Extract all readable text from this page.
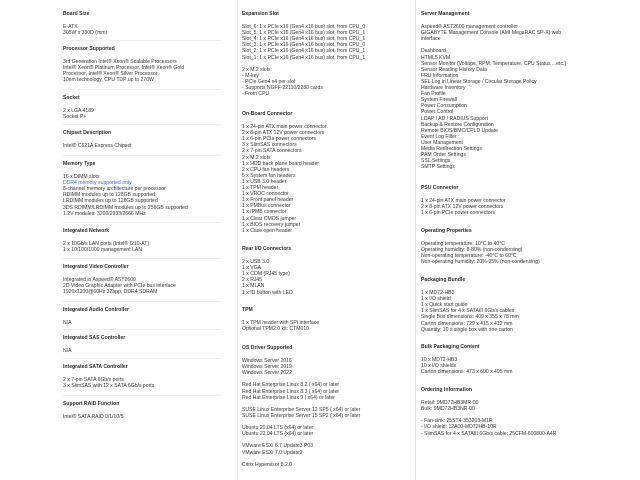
Board Size
E-ATX
305W x 330D (mm)
Processor Supported
3rd Generation Intel® Xeon® Scalable Processors
Intel® Xeon® Platinum Processor, Intel® Xeon® Gold
Processor, Intel® Xeon® Silver Processor
10nm technology, CPU TDP up to 270W
Socket
2 x LGA 4189
Socket P+
Chipset Description
Intel® C621A Express Chipset
Memory Type
16 x DIMM slots
DDR4 memory supported only
8-channel memory architecture per processor
RDIMM modules up to 128GB supported
LRDIMM modules up to 128GB supported
3DS RDIMM/LRDIMM modules up to 256GB supported
1.2V modules: 3200/2933/2666 MHz
Integrated Network
2 x 10Gb/s LAN ports (Intel® I210-AT)
1 x 10/100/1000 management LAN
Integrated Video Controller
Integrated in Aspeed® AST2600
2D Video Graphic Adapter with PCIe bus interface
1920x1200@60Hz 32bpp, DDR4 SDRAM
Integrated Audio Controller
N/A
Integrated SAS Controller
N/A
Integrated SATA Controller
2 x 7-pin SATA 6Gb/s ports
3 x SlimSAS with 12 x SATA 6Gb/s ports
Support RAID Function
Intel® SATA RAID 0/1/10/5
Expansion Slot
Slot_6: 1 x PCIe x16 (Gen4 x16 bus) slot, from CPU_0
Slot_5: 1 x PCIe x16 (Gen4 x16 bus) slot, from CPU_1
Slot_4: 1 x PCIe x16 (Gen4 x16 bus) slot, from CPU_1
Slot_3: 1 x PCIe x16 (Gen4 x16 bus) slot, from CPU_0
Slot_2: 1 x PCIe x16 (Gen4 x16 bus) slot, from CPU_1
Slot_1: 1 x PCIe x16 (Gen4 x16 bus) slot, from CPU_1
2 x M.2 slots:
- M-key
- PCIe Gen4 x4 per slot
- Supports NGFF-22110/2280 cards
- From CPU
On-Board Connector
1 x 24-pin ATX main power connector
2 x 8-pin ATX 12V power connectors
1 x 6-pin PCIe power connectors
3 x SlimSAS connectors
2 x 7-pin SATA connectors
2 x M.2 slots
1 x HDD back plane board header
2 x CPU fan headers
5 x System fan headers
1 x USB 3.0 header
1 x TPM header
1 x VROC connector
1 x Front panel header
1 x PMBus connector
1 x IPMB connector
1 x Clear CMOS jumper
1 x BIOS recovery jumper
1 x Case open header
Rear I/O Connectors
2 x USB 3.0
1 x VGA
1 x COM (RJ45 type)
2 x RJ45
1 x MLAN
1 x ID button with LED
TPM
1 x TPM header with SPI interface
Optional TPM2.0 kit: CTM010
OS Driver Supported
Windows Server 2016
Windows Server 2019
Windows Server 2022
Red Hat Enterprise Linux 8.2 ( x64) or later
Red Hat Enterprise Linux 8.3 ( x64) or later
Red Hat Enterprise Linux 9 ( x64) or later
SUSE Linux Enterprise Server 12 SP5 ( x64) or later
SUSE Linux Enterprise Server 15 SP2 ( x64) or later
Ubuntu 20.04 LTS (x64) or later
Ubuntu 22.04 LTS (x64) or later
VMware ESXi 6.7 Update3 P03
VMware ESXi 7.0 Update2
Citrix Hypervisor 8.2.0
Server Management
Aspeed® AST2600 management controller
GIGABYTE Management Console (AMI MegaRAC SP-X) web
interface
Dashboard
HTML5 KVM
Sensor Monitor (Voltage, RPM, Temperature, CPU Status ...etc.)
Sensor Reading History Data
FRU Information
SEL Log in Linear Storage / Circular Storage Policy
Hardware Inventory
Fan Profile
System Firewall
Power Consumption
Power Control
LDAP / AD / RADIUS Support
Backup & Restore Configuration
Remote BIOS/BMC/CPLD Update
Event Log Filter
User Management
Media Redirection Settings
PAM Order Settings
SSL Settings
SMTP Settings
PSU Connector
1 x 24-pin ATX main power connector
2 x 8-pin ATX 12V power connectors
1 x 6-pin PCIe power connectors
Operating Properties
Operating temperature: 10°C to 40°C
Operating humidity: 8-80% (non-condensing)
Non-operating temperature: -40°C to 60°C
Non-operating humidity: 20%-95% (non-condensing)
Packaging Bundle
1 x MD72-HB3
1 x I/O shield
1 x Quick start guide
1 x SlimSAS for 4 x SATAIII 6Gb/s cables
Single Box dimensions: 409 x 355 x 78 mm
Carton dimensions: 729 x 415 x 412 mm
Quantity: 10 x single box with one carton
Bulk Packaging Content
10 x MD72-HB3
10 x I/O shields
Carton dimensions: 473 x 600 x 495 mm
Ordering Information
Retail: 9MD72HB3MR-00
Bulk: 9MD72HB3NR-00
- Fan-sink: 25ST4-353203-M1R
- I/O shield: 12A00-MD72HB-10R
- SlimSAS for 4 x SATAIII 6Gb/s cable: 25CFM-600800-A4R
